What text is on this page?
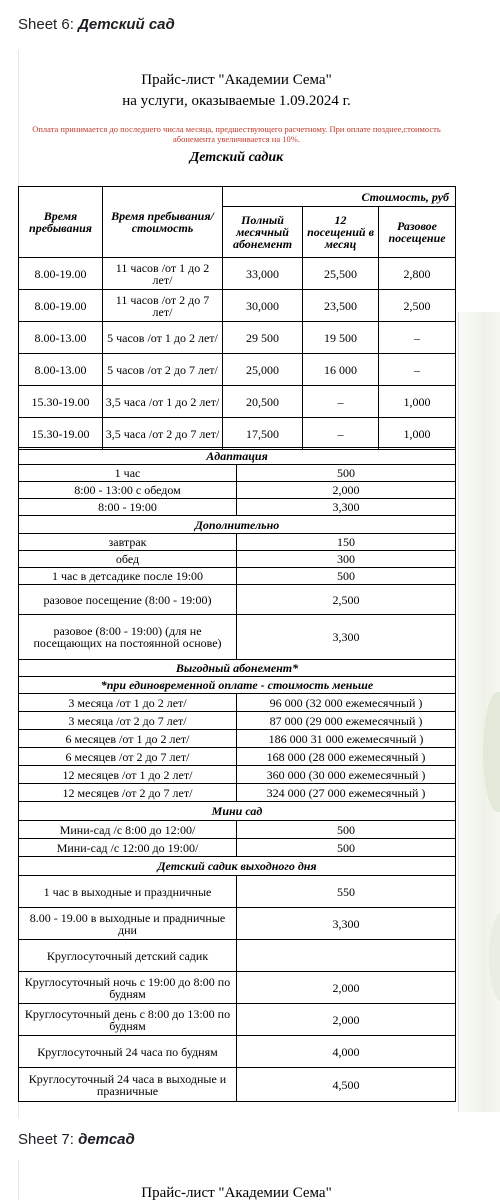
Sheet 6: Детский сад
Прайс-лист "Академии Сема"
на услуги, оказываемые 1.09.2024 г.
Оплата принимается до последнего числа месяца, предшествующего расчетному. При оплате позднее,стоимость абонемента увеличивается на 10%.
Детский садик
Время пребывания	Время пребывания/ стоимость	Стоимость, руб		
		Полный месячный абонемент	12 посещений в месяц	Разовое посещение
8.00-19.00	11 часов /от 1 до 2 лет/	33,000	25,500	2,800
8.00-19.00	11 часов /от 2 до 7 лет/	30,000	23,500	2,500
8.00-13.00	5 часов /от 1 до 2 лет/	29 500	19 500	–
8.00-13.00	5 часов /от 2 до 7 лет/	25,000	16 000	–
15.30-19.00	3,5 часа /от 1 до 2 лет/	20,500	–	1,000
15.30-19.00	3,5 часа /от 2 до 7 лет/	17,500	–	1,000
Адаптация	
1 час	500
8:00 - 13:00 с обедом	2,000
8:00 - 19:00	3,300
Дополнительно	
завтрак	150
обед	300
1 час в детсадике после 19:00	500
разовое посещение (8:00 - 19:00)	2,500
разовое (8:00 - 19:00) (для не посещающих на постоянной основе)	3,300
Выгодный абонемент*	
*при единовременной оплате - стоимость меньше	
3 месяца /от 1 до 2 лет/	96 000 (32 000 ежемесячный )
3 месяца /от 2 до 7 лет/	87 000 (29 000 ежемесячный )
6 месяцев /от 1 до 2 лет/	186 000 31 000 ежемесячный )
6 месяцев /от 2 до 7 лет/	168 000 (28 000 ежемесячный )
12 месяцев /от 1 до 2 лет/	360 000 (30 000 ежемесячный )
12 месяцев /от 2 до 7 лет/	324 000 (27 000 ежемесячный )
Мини сад	
Мини-сад /с 8:00 до 12:00/	500
Мини-сад /с 12:00 до 19:00/	500
Детский садик выходного дня	
1 час в выходные и праздничные	550
8.00 - 19.00 в выходные и прадничные дни	3,300
Круглосуточный детский садик	
Круглосуточный ночь с 19:00 до 8:00 по будням	2,000
Круглосуточный день с 8:00 до 13:00 по будням	2,000
Круглосуточный 24 часа по будням	4,000
Круглосуточный 24 часа в выходные и празничные	4,500
Sheet 7: детсад
Прайс-лист "Академии Сема"
